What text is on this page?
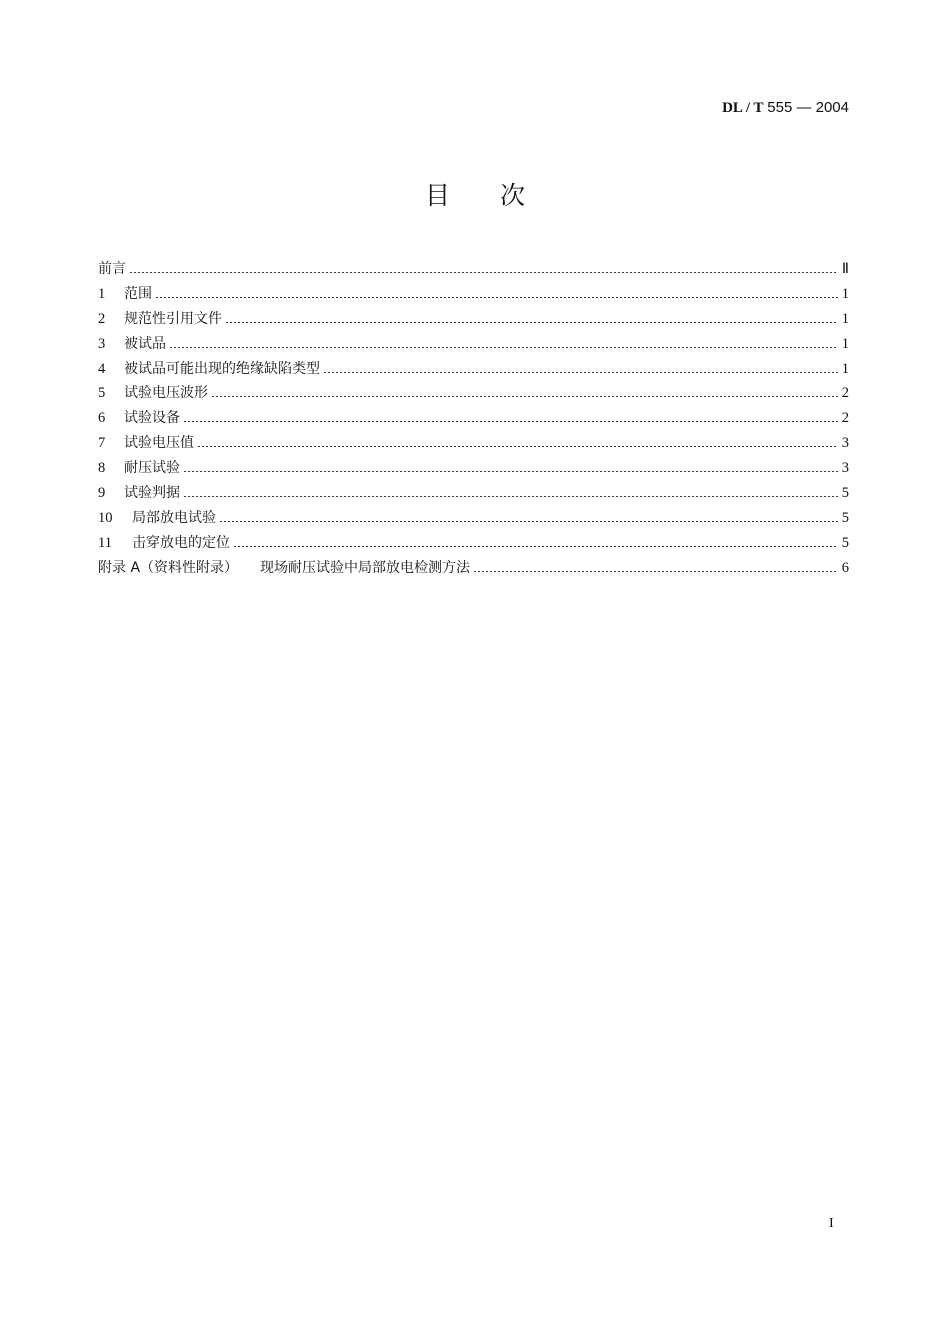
DL / T 555 — 2004
目次
前言	Ⅱ
1	范围	1
2	规范性引用文件	1
3	被试品	1
4	被试品可能出现的绝缘缺陷类型	1
5	试验电压波形	2
6	试验设备	2
7	试验电压值	3
8	耐压试验	3
9	试验判据	5
10	局部放电试验	5
11	击穿放电的定位	5
附录 A（资料性附录） 现场耐压试验中局部放电检测方法	6
I
